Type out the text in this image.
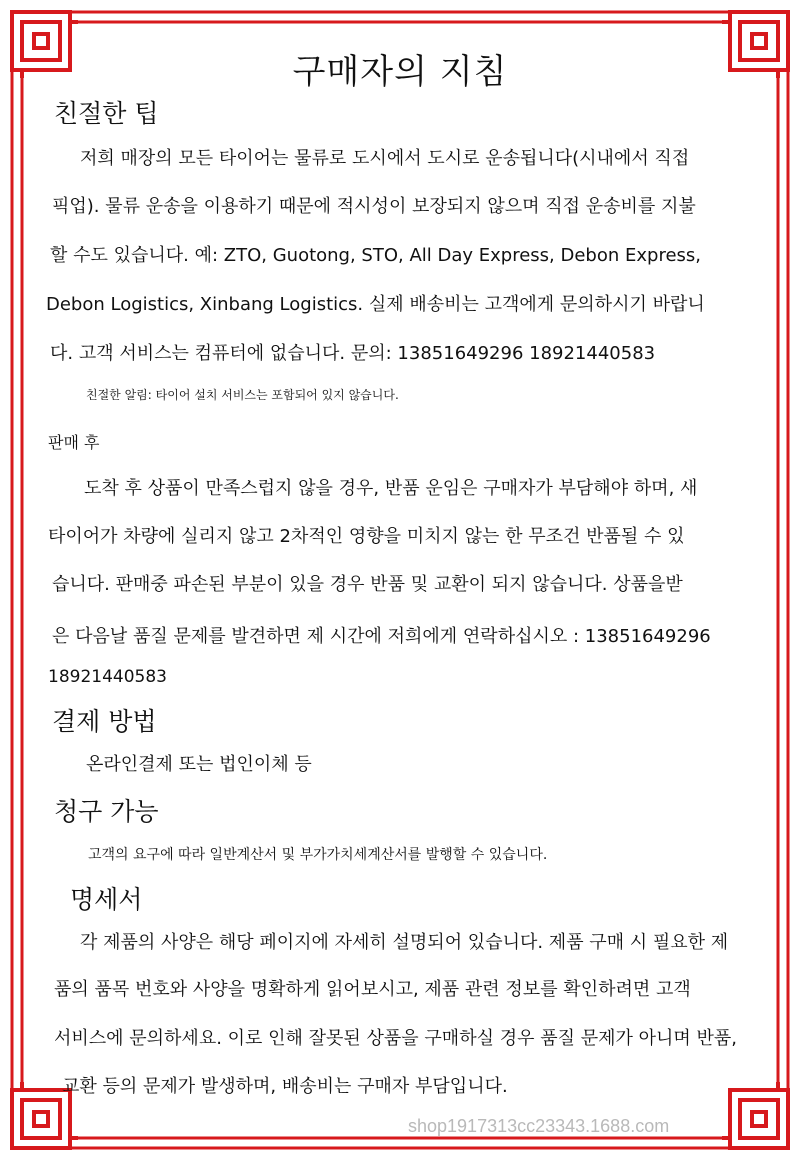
구매자의 지침
친절한 팁

저희 매장의 모든 타이어는 물류로 도시에서 도시로 운송됩니다(시내에서 직접

픽업). 물류 운송을 이용하기 때문에 적시성이 보장되지 않으며 직접 운송비를 지불

할 수도 있습니다. 예: ZTO, Guotong, STO, All Day Express, Debon Express,

Debon Logistics, Xinbang Logistics. 실제 배송비는 고객에게 문의하시기 바랍니

다. 고객 서비스는 컴퓨터에 없습니다. 문의: 13851649296 18921440583

친절한 알림: 타이어 설치 서비스는 포함되어 있지 않습니다.

판매 후

도착 후 상품이 만족스럽지 않을 경우, 반품 운임은 구매자가 부담해야 하며, 새

타이어가 차량에 실리지 않고 2차적인 영향을 미치지 않는 한 무조건 반품될 수 있

습니다. 판매중 파손된 부분이 있을 경우 반품 및 교환이 되지 않습니다. 상품을받

은 다음날 품질 문제를 발견하면 제 시간에 저희에게 연락하십시오 : 13851649296

18921440583

결제 방법

온라인결제 또는 법인이체 등

청구 가능

고객의 요구에 따라 일반계산서 및 부가가치세계산서를 발행할 수 있습니다.

명세서

각 제품의 사양은 해당 페이지에 자세히 설명되어 있습니다. 제품 구매 시 필요한 제

품의 품목 번호와 사양을 명확하게 읽어보시고, 제품 관련 정보를 확인하려면 고객

서비스에 문의하세요. 이로 인해 잘못된 상품을 구매하실 경우 품질 문제가 아니며 반품,

교환 등의 문제가 발생하며, 배송비는 구매자 부담입니다.

shop1917313cc23343.1688.com
